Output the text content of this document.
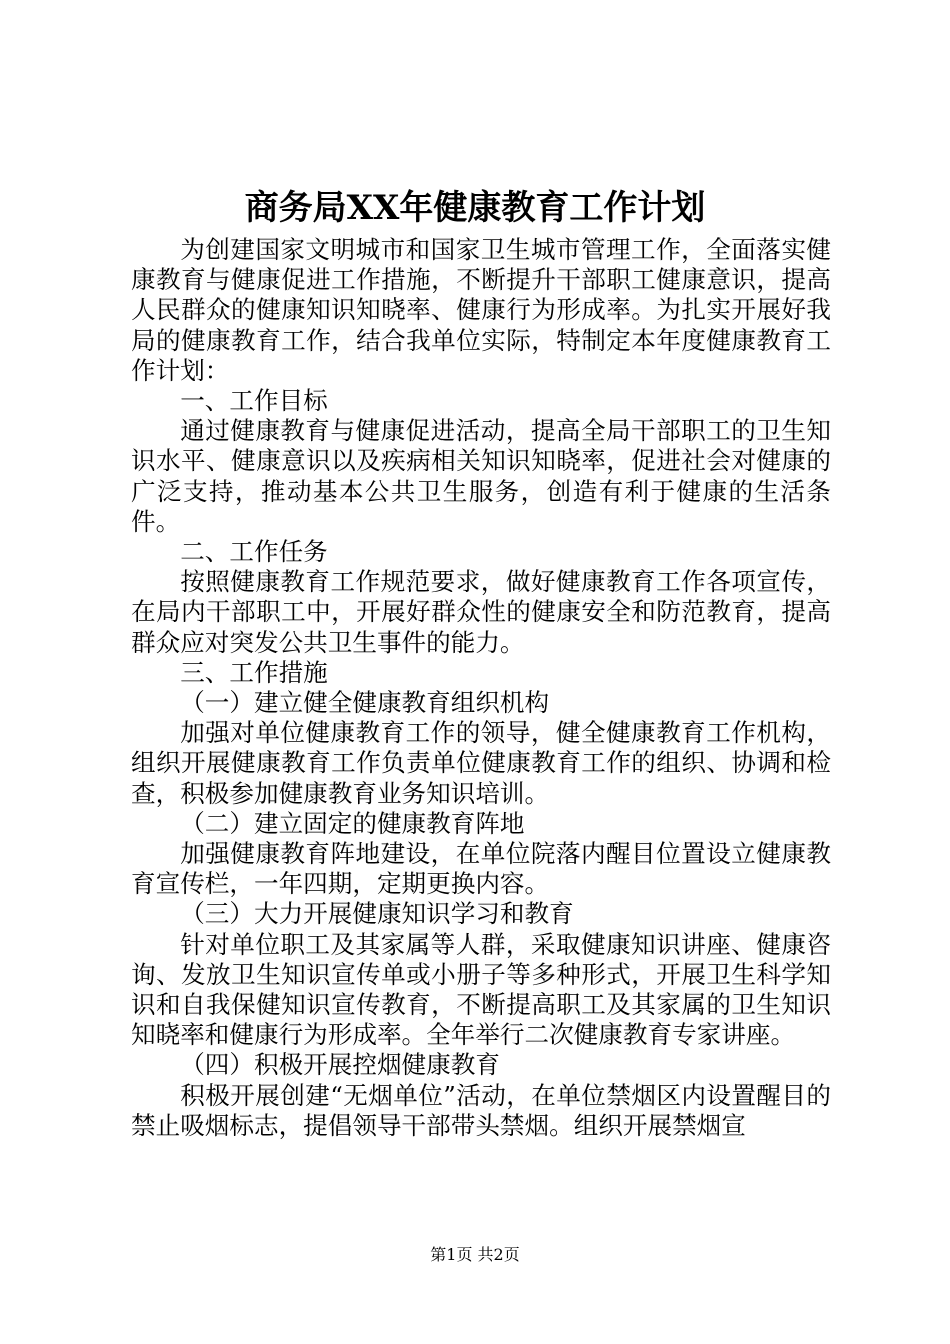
商务局XX年健康教育工作计划

为创建国家文明城市和国家卫生城市管理工作，全面落实健康教育与健康促进工作措施，不断提升干部职工健康意识，提高人民群众的健康知识知晓率、健康行为形成率。为扎实开展好我局的健康教育工作，结合我单位实际，特制定本年度健康教育工作计划：

一、工作目标

通过健康教育与健康促进活动，提高全局干部职工的卫生知识水平、健康意识以及疾病相关知识知晓率，促进社会对健康的广泛支持，推动基本公共卫生服务，创造有利于健康的生活条件。

二、工作任务

按照健康教育工作规范要求，做好健康教育工作各项宣传，在局内干部职工中，开展好群众性的健康安全和防范教育，提高群众应对突发公共卫生事件的能力。

三、工作措施

（一）建立健全健康教育组织机构

加强对单位健康教育工作的领导，健全健康教育工作机构，组织开展健康教育工作负责单位健康教育工作的组织、协调和检查，积极参加健康教育业务知识培训。

（二）建立固定的健康教育阵地

加强健康教育阵地建设，在单位院落内醒目位置设立健康教育宣传栏，一年四期，定期更换内容。

（三）大力开展健康知识学习和教育

针对单位职工及其家属等人群，采取健康知识讲座、健康咨询、发放卫生知识宣传单或小册子等多种形式，开展卫生科学知识和自我保健知识宣传教育，不断提高职工及其家属的卫生知识知晓率和健康行为形成率。全年举行二次健康教育专家讲座。

（四）积极开展控烟健康教育

积极开展创建“无烟单位”活动，在单位禁烟区内设置醒目的禁止吸烟标志，提倡领导干部带头禁烟。组织开展禁烟宣

第1页 共2页
